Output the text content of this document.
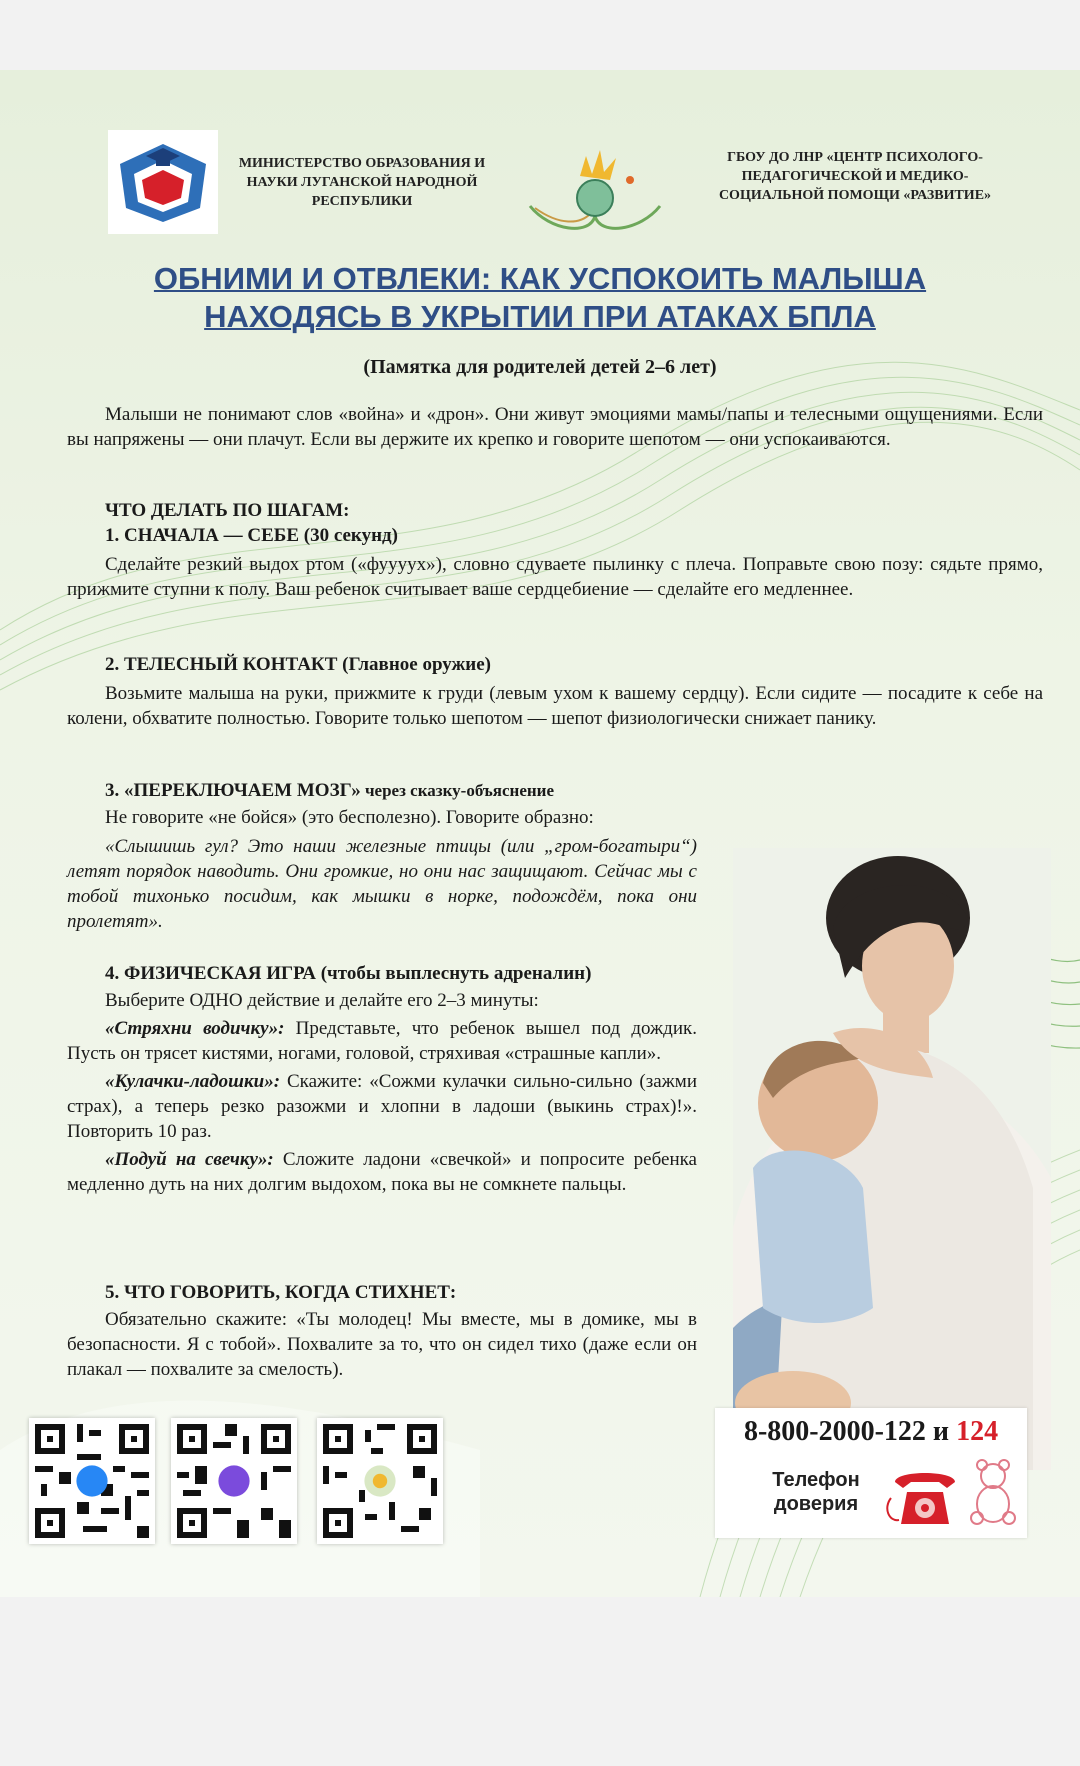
МИНИСТЕРСТВО ОБРАЗОВАНИЯ И НАУКИ ЛУГАНСКОЙ НАРОДНОЙ РЕСПУБЛИКИ
ГБОУ ДО ЛНР «ЦЕНТР ПСИХОЛОГО-ПЕДАГОГИЧЕСКОЙ И МЕДИКО-СОЦИАЛЬНОЙ ПОМОЩИ «РАЗВИТИЕ»
ОБНИМИ И ОТВЛЕКИ: КАК УСПОКОИТЬ МАЛЫША
НАХОДЯСЬ В УКРЫТИИ ПРИ АТАКАХ БПЛА
(Памятка для родителей детей 2–6 лет)
Малыши не понимают слов «война» и «дрон». Они живут эмоциями мамы/папы и телесными ощущениями. Если вы напряжены — они плачут. Если вы держите их крепко и говорите шепотом — они успокаиваются.
ЧТО ДЕЛАТЬ ПО ШАГАМ:
1. СНАЧАЛА — СЕБЕ (30 секунд)
Сделайте резкий выдох ртом («фуууух»), словно сдуваете пылинку с плеча. Поправьте свою позу: сядьте прямо, прижмите ступни к полу. Ваш ребенок считывает ваше сердцебиение — сделайте его медленнее.
2. ТЕЛЕСНЫЙ КОНТАКТ (Главное оружие)
Возьмите малыша на руки, прижмите к груди (левым ухом к вашему сердцу). Если сидите — посадите к себе на колени, обхватите полностью. Говорите только шепотом — шепот физиологически снижает панику.
3. «ПЕРЕКЛЮЧАЕМ МОЗГ» через сказку-объяснение
Не говорите «не бойся» (это бесполезно). Говорите образно:
«Слышишь гул? Это наши железные птицы (или „гром-богатыри“) летят порядок наводить. Они громкие, но они нас защищают. Сейчас мы с тобой тихонько посидим, как мышки в норке, подождём, пока они пролетят».
4. ФИЗИЧЕСКАЯ ИГРА (чтобы выплеснуть адреналин)
Выберите ОДНО действие и делайте его 2–3 минуты:
«Стряхни водичку»: Представьте, что ребенок вышел под дождик. Пусть он трясет кистями, ногами, головой, стряхивая «страшные капли».
«Кулачки-ладошки»: Скажите: «Сожми кулачки сильно-сильно (зажми страх), а теперь резко разожми и хлопни в ладоши (выкинь страх)!». Повторить 10 раз.
«Подуй на свечку»: Сложите ладони «свечкой» и попросите ребенка медленно дуть на них долгим выдохом, пока вы не сомкнете пальцы.
5. ЧТО ГОВОРИТЬ, КОГДА СТИХНЕТ:
Обязательно скажите: «Ты молодец! Мы вместе, мы в домике, мы в безопасности. Я с тобой». Похвалите за то, что он сидел тихо (даже если он плакал — похвалите за смелость).
8-800-2000-122 и 124
Телефон доверия
